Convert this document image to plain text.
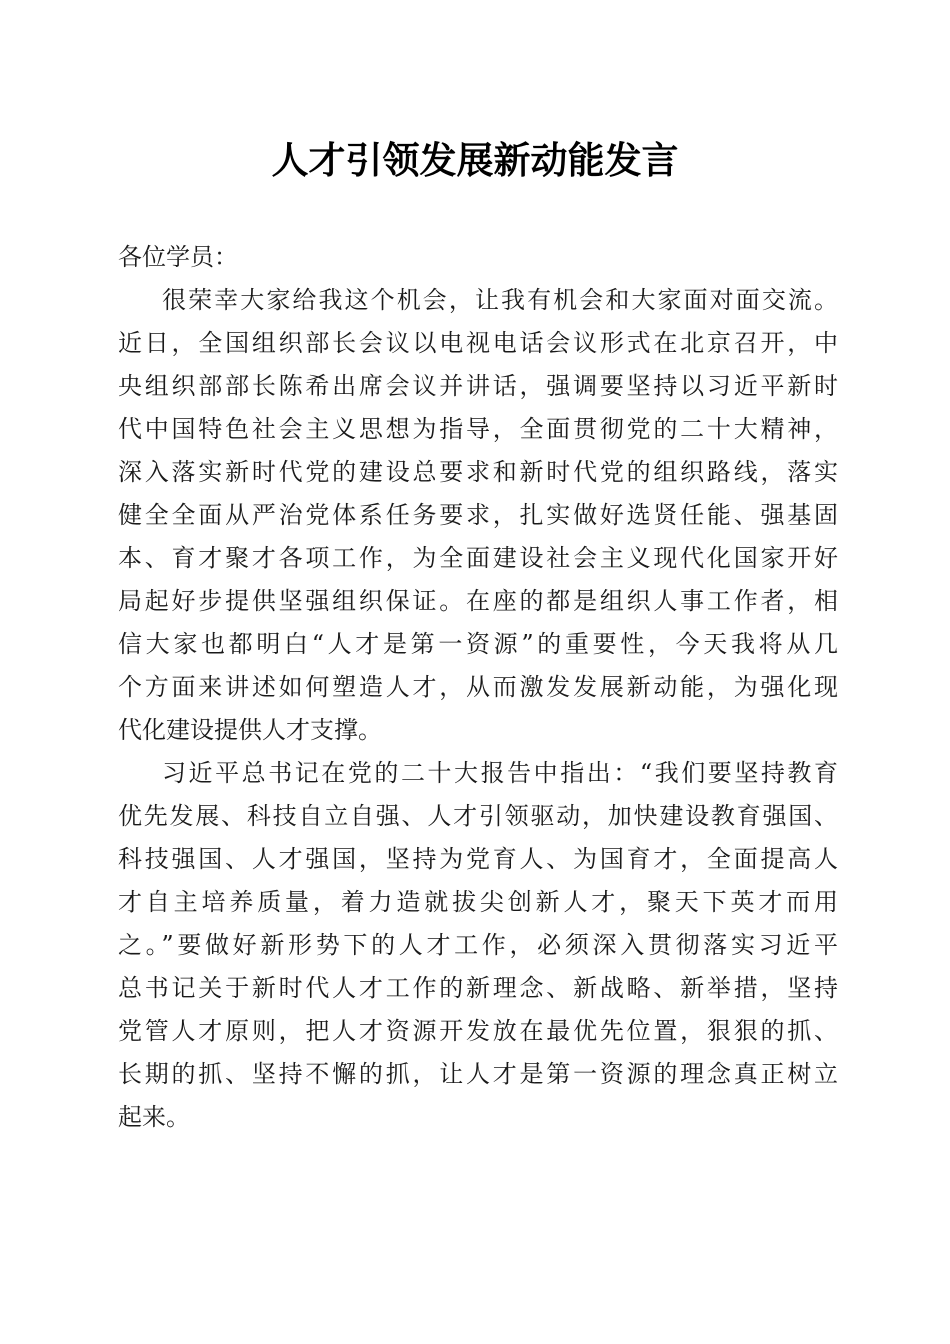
人才引领发展新动能发言
各位学员：
很荣幸大家给我这个机会，让我有机会和大家面对面交流。
近日，全国组织部长会议以电视电话会议形式在北京召开，中
央组织部部长陈希出席会议并讲话，强调要坚持以习近平新时
代中国特色社会主义思想为指导，全面贯彻党的二十大精神，
深入落实新时代党的建设总要求和新时代党的组织路线，落实
健全全面从严治党体系任务要求，扎实做好选贤任能、强基固
本、育才聚才各项工作，为全面建设社会主义现代化国家开好
局起好步提供坚强组织保证。在座的都是组织人事工作者，相
信大家也都明白“人才是第一资源”的重要性，今天我将从几
个方面来讲述如何塑造人才，从而激发发展新动能，为强化现
代化建设提供人才支撑。
习近平总书记在党的二十大报告中指出：“我们要坚持教育
优先发展、科技自立自强、人才引领驱动，加快建设教育强国、
科技强国、人才强国，坚持为党育人、为国育才，全面提高人
才自主培养质量，着力造就拔尖创新人才，聚天下英才而用
之。”要做好新形势下的人才工作，必须深入贯彻落实习近平
总书记关于新时代人才工作的新理念、新战略、新举措，坚持
党管人才原则，把人才资源开发放在最优先位置，狠狠的抓、
长期的抓、坚持不懈的抓，让人才是第一资源的理念真正树立
起来。
